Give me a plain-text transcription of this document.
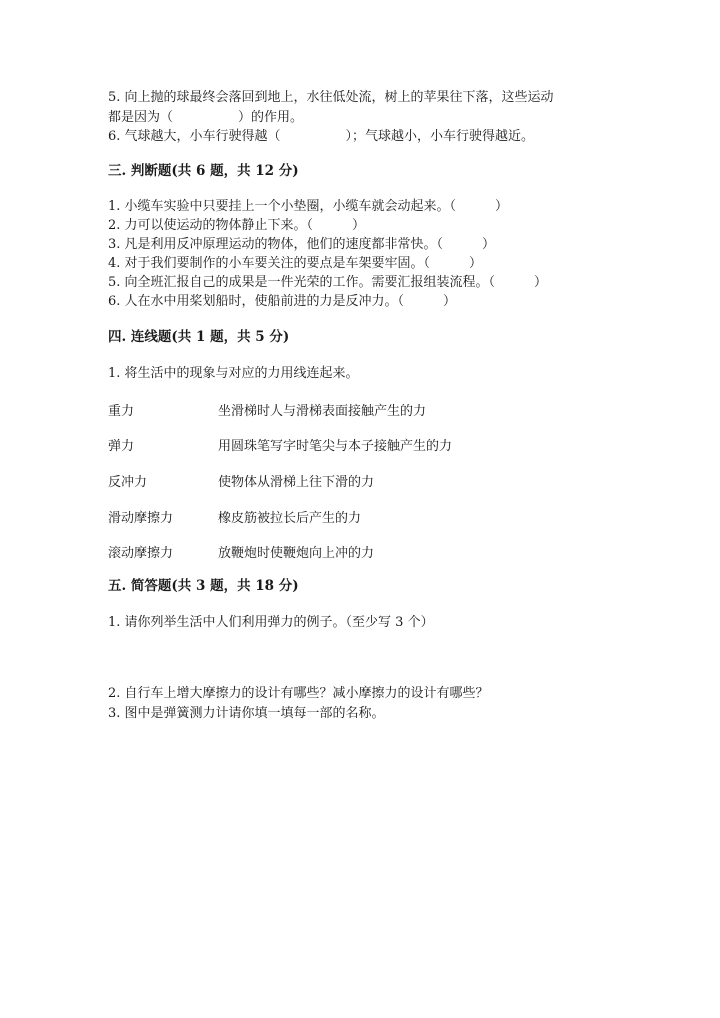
5. 向上抛的球最终会落回到地上，水往低处流，树上的苹果往下落，这些运动
都是因为（　　　　　）的作用。
6. 气球越大，小车行驶得越（　　　　　）；气球越小，小车行驶得越近。
三. 判断题(共 6 题，共 12 分)
1. 小缆车实验中只要挂上一个小垫圈，小缆车就会动起来。（　　　）
2. 力可以使运动的物体静止下来。（　　　）
3. 凡是利用反冲原理运动的物体，他们的速度都非常快。（　　　）
4. 对于我们要制作的小车要关注的要点是车架要牢固。（　　　）
5. 向全班汇报自己的成果是一件光荣的工作。需要汇报组装流程。（　　　）
6. 人在水中用桨划船时，使船前进的力是反冲力。（　　　）
四. 连线题(共 1 题，共 5 分)
1. 将生活中的现象与对应的力用线连起来。
重力	坐滑梯时人与滑梯表面接触产生的力
弹力	用圆珠笔写字时笔尖与本子接触产生的力
反冲力	使物体从滑梯上往下滑的力
滑动摩擦力	橡皮筋被拉长后产生的力
滚动摩擦力	放鞭炮时使鞭炮向上冲的力
五. 简答题(共 3 题，共 18 分)
1. 请你列举生活中人们利用弹力的例子。（至少写 3 个）
2. 自行车上增大摩擦力的设计有哪些？减小摩擦力的设计有哪些？
3. 图中是弹簧测力计请你填一填每一部的名称。
